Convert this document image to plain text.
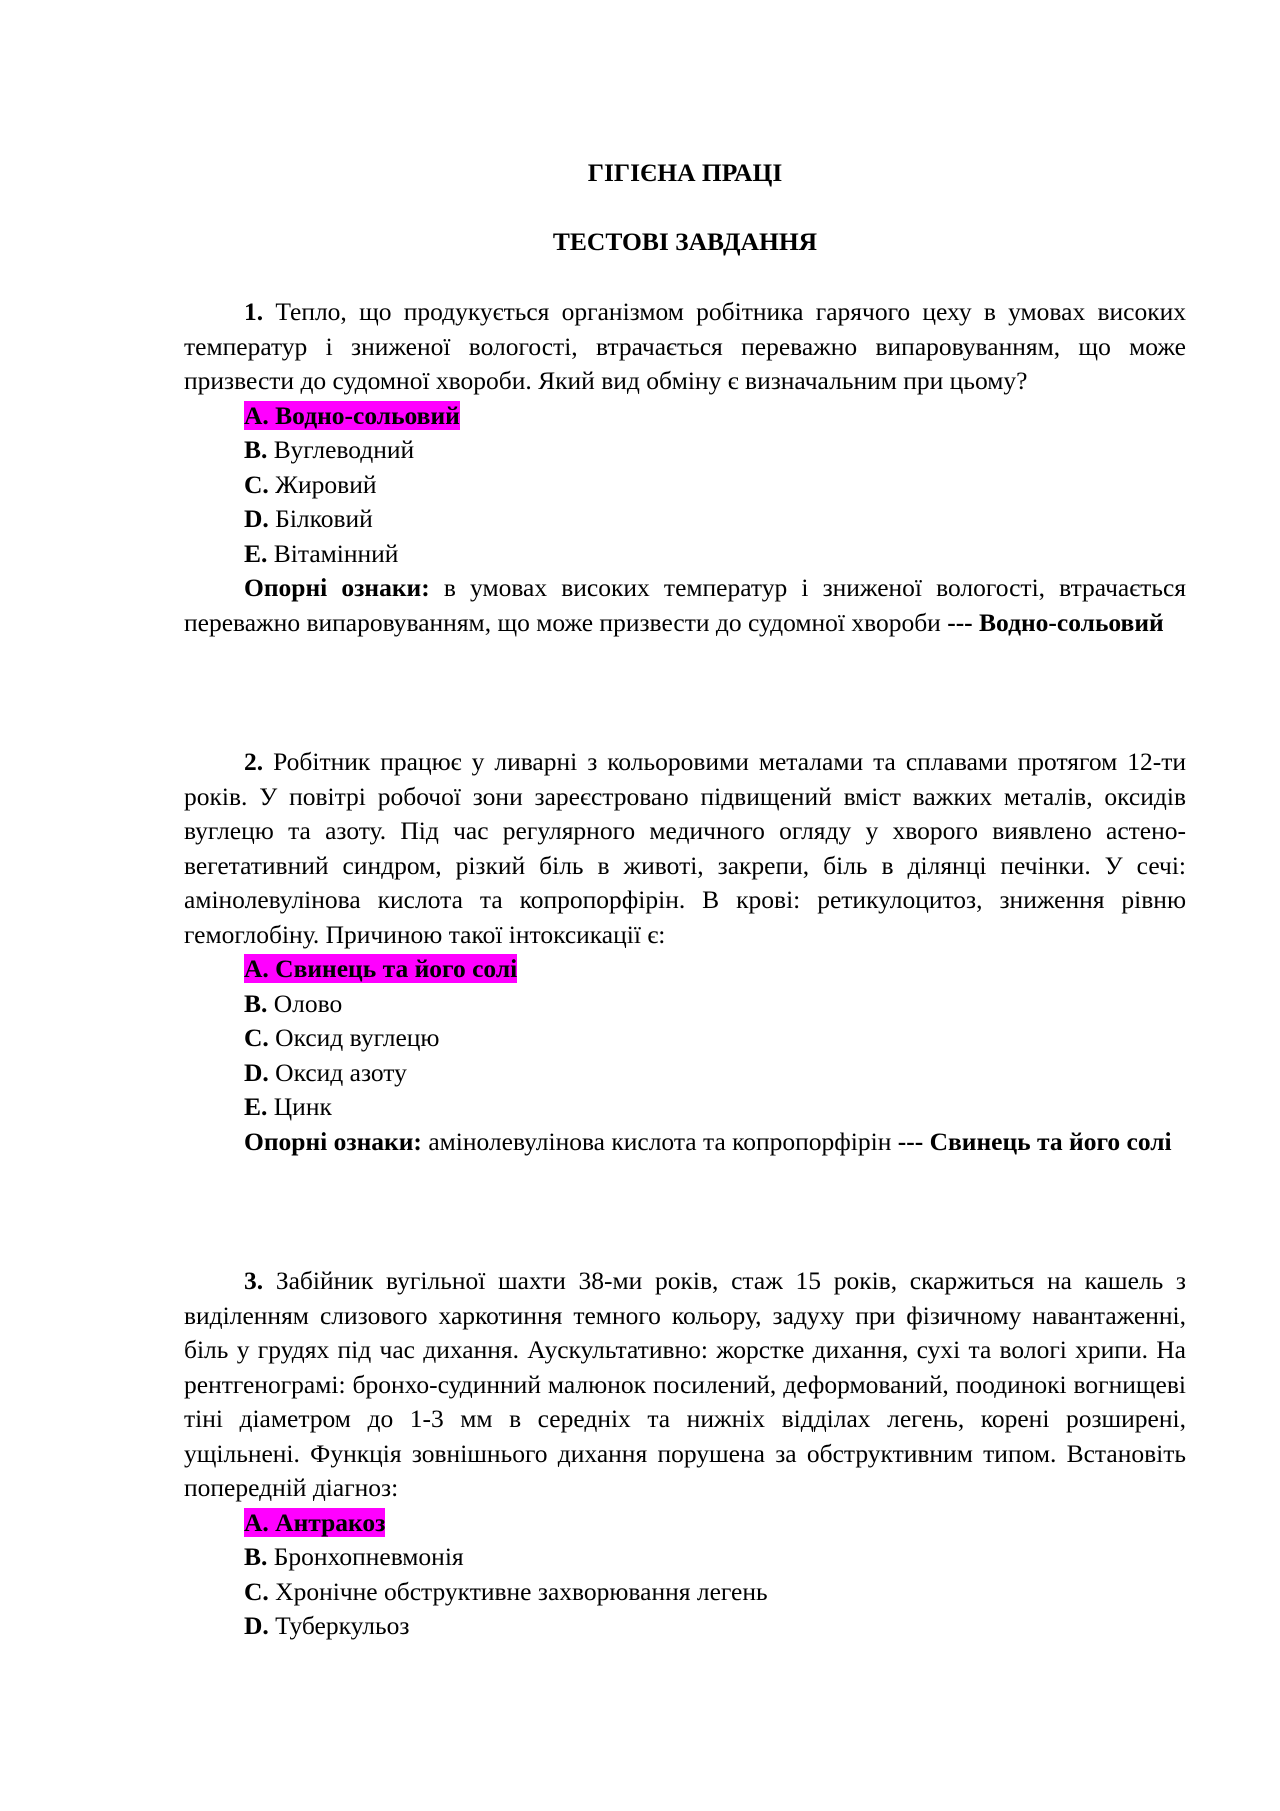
ГІГІЄНА ПРАЦІ

ТЕСТОВІ ЗАВДАННЯ

1. Тепло, що продукується організмом робітника гарячого цеху в умовах високих температур і зниженої вологості, втрачається переважно випаровуванням, що може призвести до судомної хвороби. Який вид обміну є визначальним при цьому?

A. Водно-сольовий

B. Вуглеводний

C. Жировий

D. Білковий

E. Вітамінний

Опорні ознаки: в умовах високих температур і зниженої вологості, втрачається переважно випаровуванням, що може призвести до судомної хвороби --- Водно-сольовий

2. Робітник працює у ливарні з кольоровими металами та сплавами протягом 12-ти років. У повітрі робочої зони зареєстровано підвищений вміст важких металів, оксидів вуглецю та азоту. Під час регулярного медичного огляду у хворого виявлено астено- вегетативний синдром, різкий біль в животі, закрепи, біль в ділянці печінки. У сечі: амінолевулінова кислота та копропорфірін. В крові: ретикулоцитоз, зниження рівню гемоглобіну. Причиною такої інтоксикації є:

A. Свинець та його солі

B. Олово

C. Оксид вуглецю

D. Оксид азоту

E. Цинк

Опорні ознаки: амінолевулінова кислота та копропорфірін --- Свинець та його солі

3. Забійник вугільної шахти 38-ми років, стаж 15 років, скаржиться на кашель з виділенням слизового харкотиння темного кольору, задуху при фізичному навантаженні, біль у грудях під час дихання. Аускультативно: жорстке дихання, сухі та вологі хрипи. На рентгенограмі: бронхо-судинний малюнок посилений, деформований, поодинокі вогнищеві тіні діаметром до 1-3 мм в середніх та нижніх відділах легень, корені розширені, ущільнені. Функція зовнішнього дихання порушена за обструктивним типом. Встановіть попередній діагноз:

A. Антракоз

B. Бронхопневмонія

C. Хронічне обструктивне захворювання легень

D. Туберкульоз
